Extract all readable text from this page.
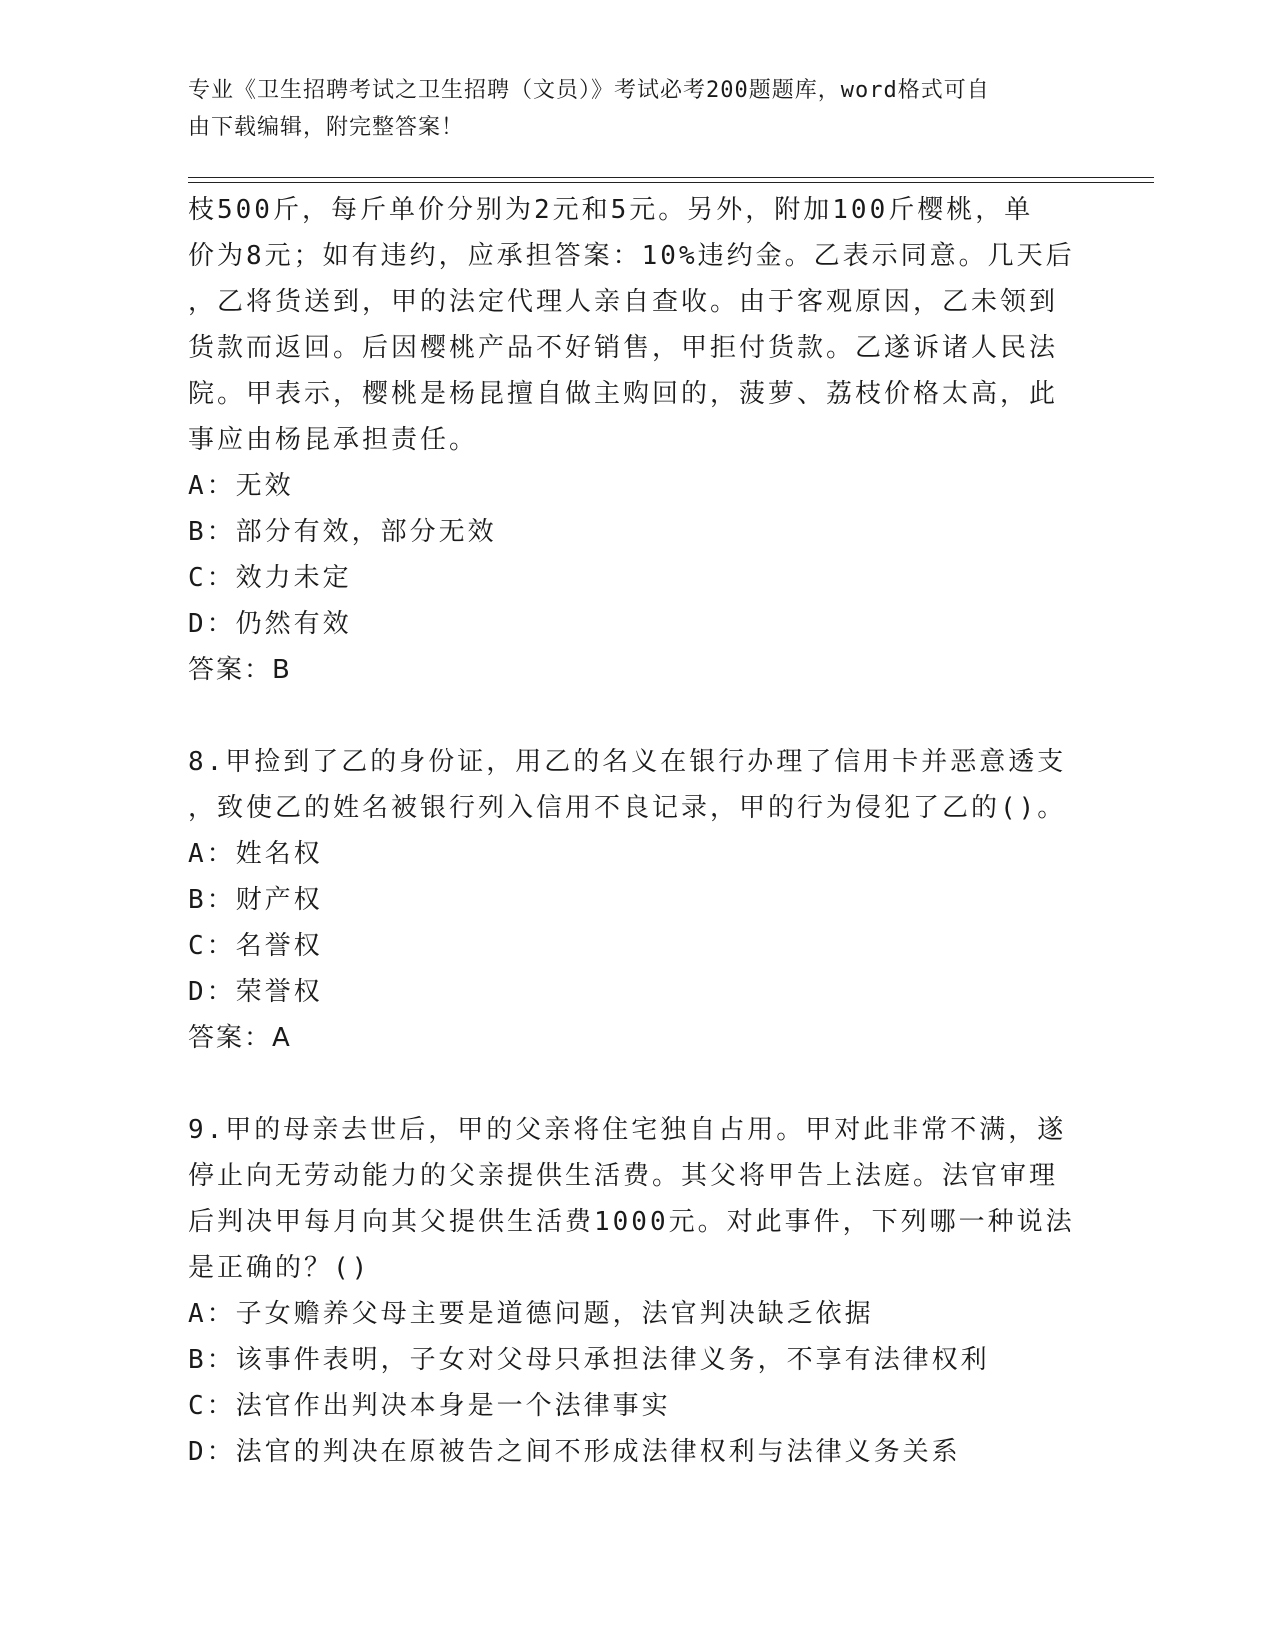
专业《卫生招聘考试之卫生招聘（文员）》考试必考200题题库，word格式可自
由下载编辑，附完整答案！
枝500斤，每斤单价分别为2元和5元。另外，附加100斤樱桃，单
价为8元；如有违约，应承担答案：10%违约金。乙表示同意。几天后
，乙将货送到，甲的法定代理人亲自查收。由于客观原因，乙未领到
货款而返回。后因樱桃产品不好销售，甲拒付货款。乙遂诉诸人民法
院。甲表示，樱桃是杨昆擅自做主购回的，菠萝、荔枝价格太高，此
事应由杨昆承担责任。
A：无效
B：部分有效，部分无效
C：效力未定
D：仍然有效
答案：B
8.甲捡到了乙的身份证，用乙的名义在银行办理了信用卡并恶意透支
，致使乙的姓名被银行列入信用不良记录，甲的行为侵犯了乙的()。
A：姓名权
B：财产权
C：名誉权
D：荣誉权
答案：A
9.甲的母亲去世后，甲的父亲将住宅独自占用。甲对此非常不满，遂
停止向无劳动能力的父亲提供生活费。其父将甲告上法庭。法官审理
后判决甲每月向其父提供生活费1000元。对此事件，下列哪一种说法
是正确的？()
A：子女赡养父母主要是道德问题，法官判决缺乏依据
B：该事件表明，子女对父母只承担法律义务，不享有法律权利
C：法官作出判决本身是一个法律事实
D：法官的判决在原被告之间不形成法律权利与法律义务关系
